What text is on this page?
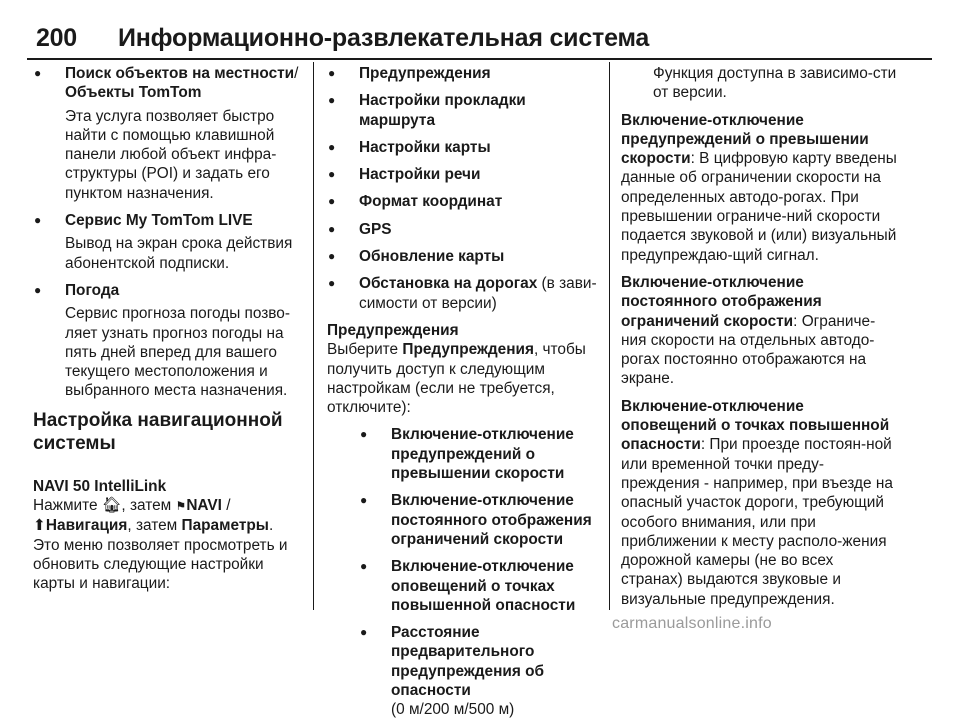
200 Информационно-развлекательная система
● Поиск объектов на местности/
Объекты TomTom
Эта услуга позволяет быстро найти с помощью клавишной панели любой объект инфра-структуры (POI) и задать его пунктом назначения.
● Сервис My TomTom LIVE
Вывод на экран срока действия абонентской подписки.
● Погода
Сервис прогноза погоды позво-ляет узнать прогноз погоды на пять дней вперед для вашего текущего местоположения и выбранного места назначения.
Настройка навигационной системы
NAVI 50 IntelliLink
Нажмите 🏠︎, затем ⚑NAVI /
⬆︎Навигация, затем Параметры.
Это меню позволяет просмотреть и обновить следующие настройки карты и навигации:
● Предупреждения
● Настройки прокладки маршрута
● Настройки карты
● Настройки речи
● Формат координат
● GPS
● Обновление карты
● Обстановка на дорогах (в зави-симости от версии)
Предупреждения
Выберите Предупреждения, чтобы получить доступ к следующим настройкам (если не требуется, отключите):
● Включение-отключение предупреждений о превышении скорости
● Включение-отключение постоянного отображения ограничений скорости
● Включение-отключение оповещений о точках повышенной опасности
● Расстояние предварительного предупреждения об опасности
(0 м/200 м/500 м)
Функция доступна в зависимо-сти от версии.
Включение-отключение предупреждений о превышении скорости: В цифровую карту введены данные об ограничении скорости на определенных автодо-рогах. При превышении ограниче-ний скорости подается звуковой и (или) визуальный предупреждаю-щий сигнал.
Включение-отключение постоянного отображения ограничений скорости: Ограниче-ния скорости на отдельных автодо-рогах постоянно отображаются на экране.
Включение-отключение оповещений о точках повышенной опасности: При проезде постоян-ной или временной точки преду-преждения - например, при въезде на опасный участок дороги, требующий особого внимания, или при приближении к месту располо-жения дорожной камеры (не во всех странах) выдаются звуковые и визуальные предупреждения.
carmanualsonline.info
